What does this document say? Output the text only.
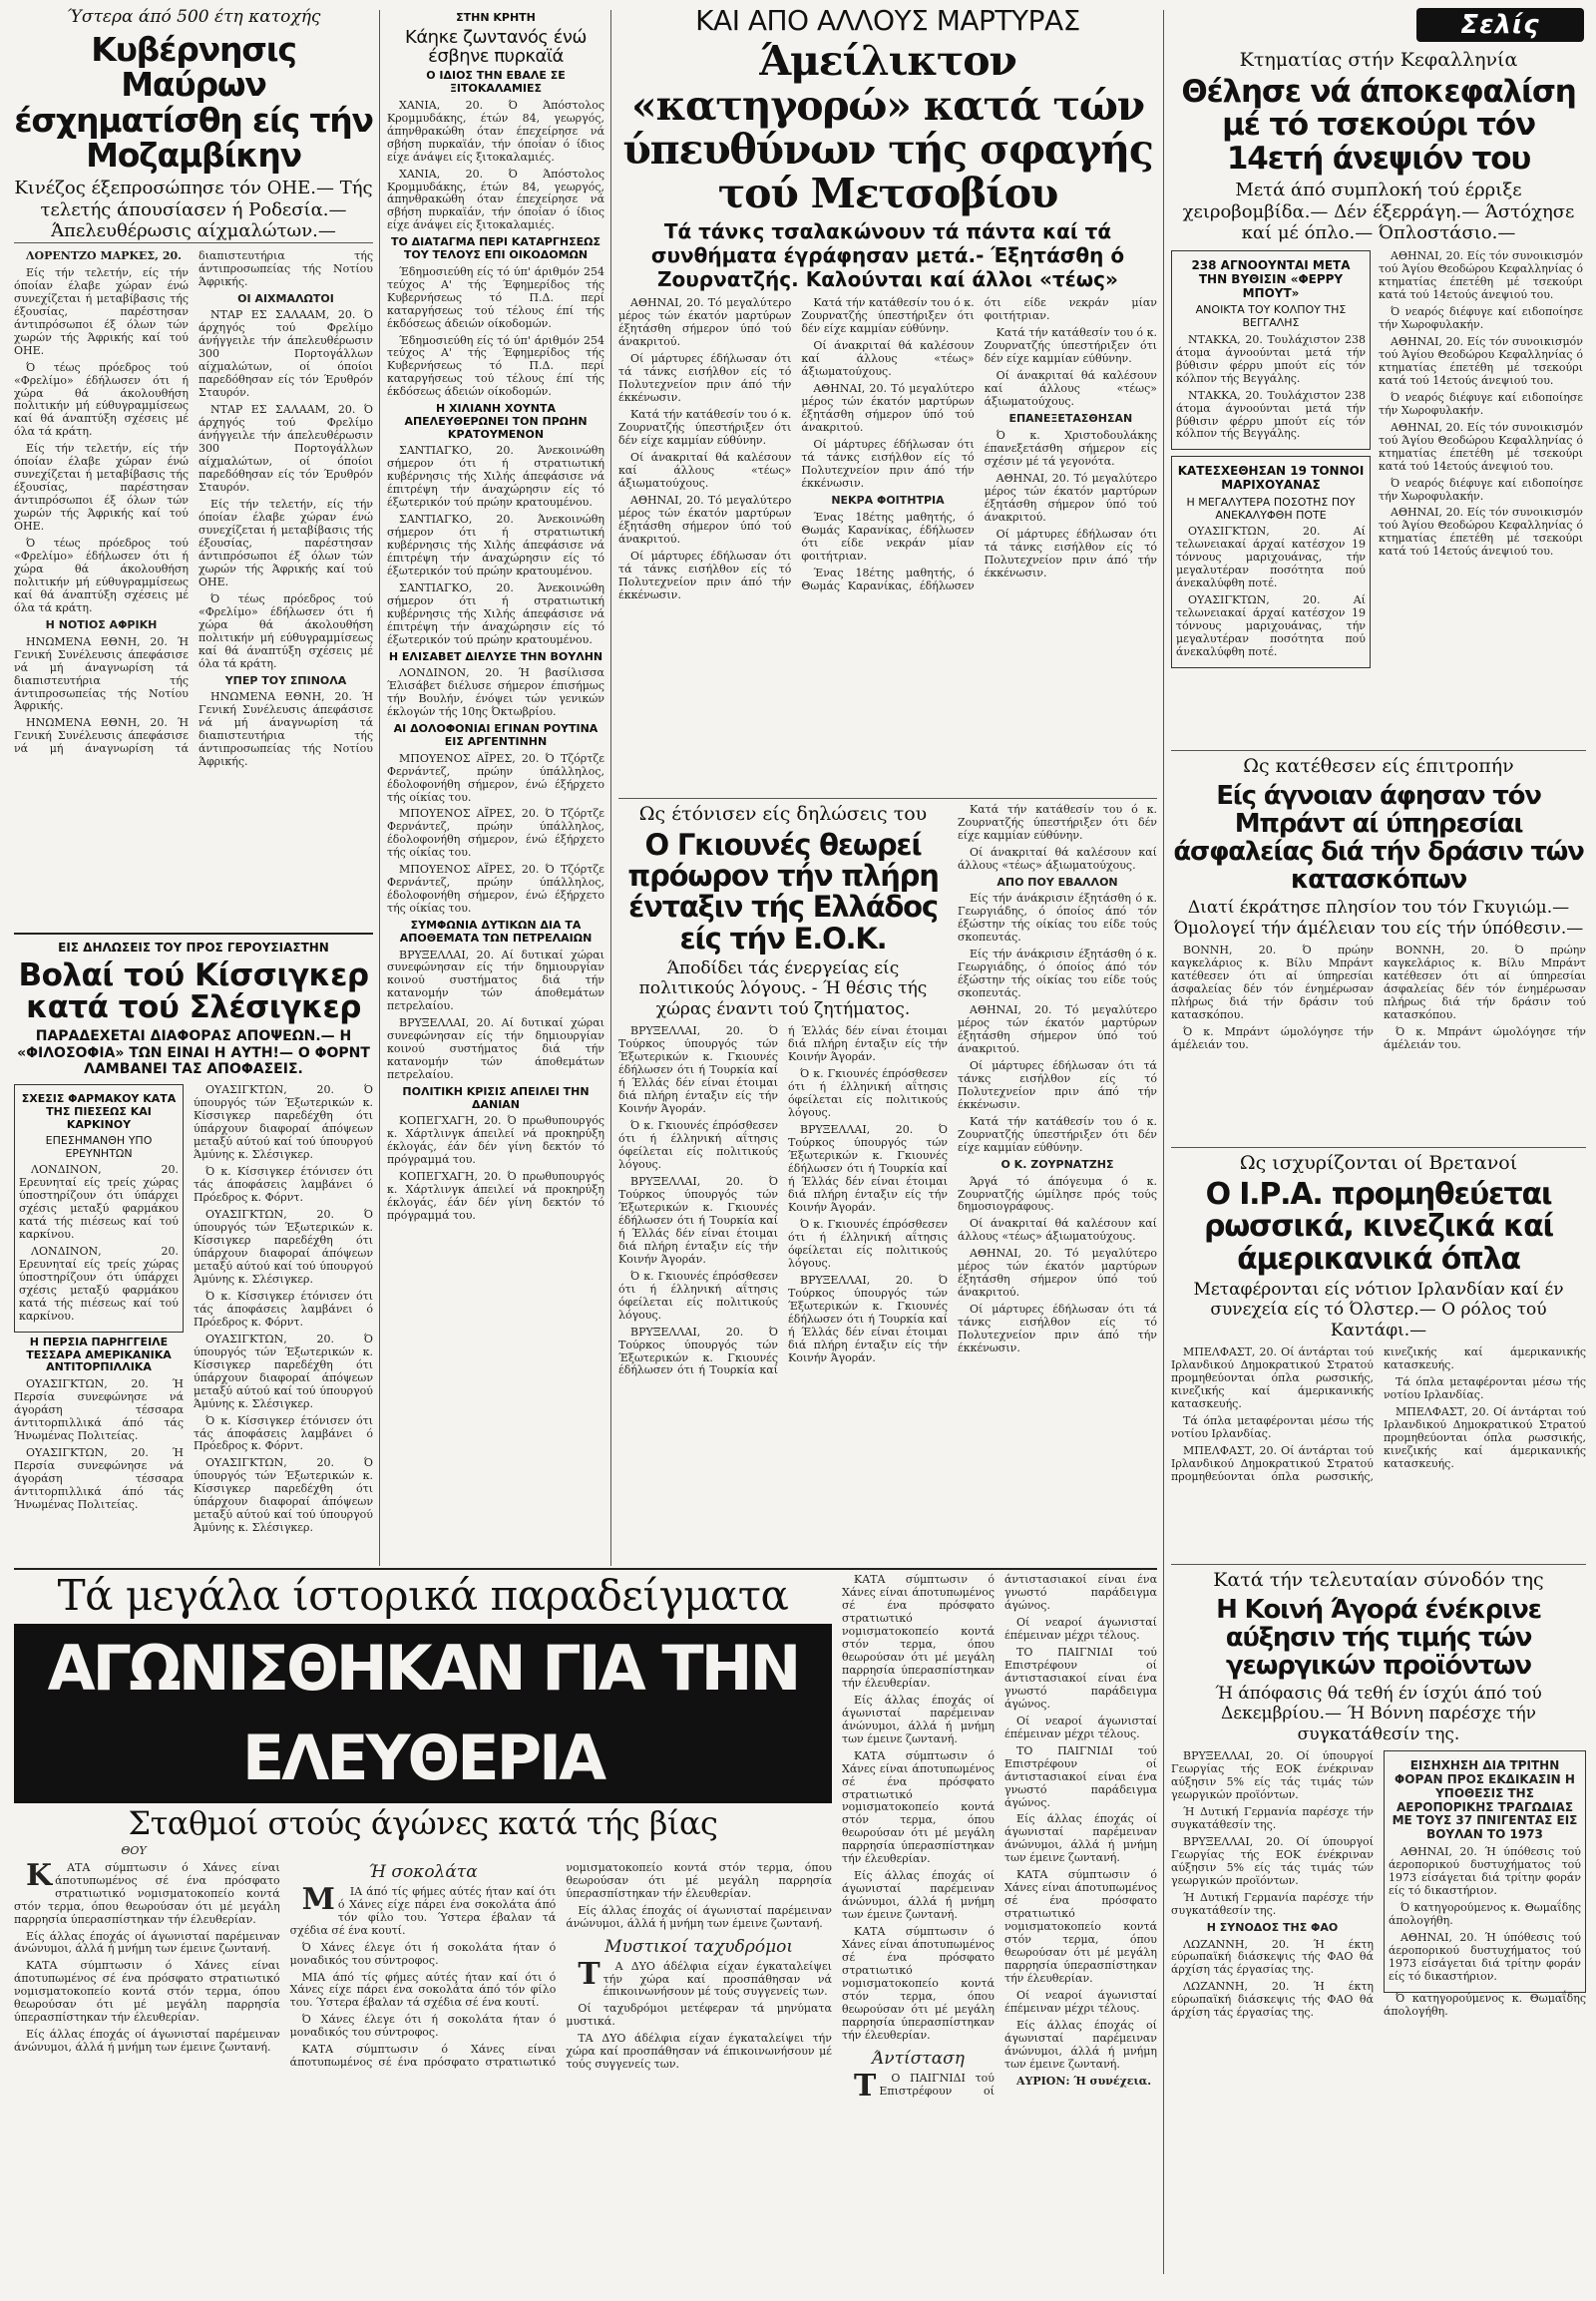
Ύστερα άπό 500 έτη κατοχής
Κυβέρνησις Μαύρων έσχηματίσθη είς τήν Μοζαμβίκην
Κινέζος έξεπροσώπησε τόν ΟΗΕ.— Τής τελετής άπουσίασεν ή Ροδεσία.—Άπελευθέρωσις αίχμαλώτων.—

ΛΟΡΕΝΤΖΟ ΜΑΡΚΕΣ, 20.

Είς τήν τελετήν, είς τήν όποίαν έλαβε χώραν ένώ συνεχίζεται ή μεταβίβασις τής έξουσίας, παρέστησαν άντιπρόσωποι έξ όλων τών χωρών τής Άφρικής καί τού ΟΗΕ.

Ό τέως πρόεδρος τού «Φρελίμο» έδήλωσεν ότι ή χώρα θά άκολουθήση πολιτικήν μή εύθυγραμμίσεως καί θά άναπτύξη σχέσεις μέ όλα τά κράτη.

Είς τήν τελετήν, είς τήν όποίαν έλαβε χώραν ένώ συνεχίζεται ή μεταβίβασις τής έξουσίας, παρέστησαν άντιπρόσωποι έξ όλων τών χωρών τής Άφρικής καί τού ΟΗΕ.

Ό τέως πρόεδρος τού «Φρελίμο» έδήλωσεν ότι ή χώρα θά άκολουθήση πολιτικήν μή εύθυγραμμίσεως καί θά άναπτύξη σχέσεις μέ όλα τά κράτη.

Η ΝΟΤΙΟΣ ΑΦΡΙΚΗ

ΗΝΩΜΕΝΑ ΕΘΝΗ, 20. Ή Γενική Συνέλευσις άπεφάσισε νά μή άναγνωρίση τά διαπιστευτήρια τής άντιπροσωπείας τής Νοτίου Άφρικής.

ΗΝΩΜΕΝΑ ΕΘΝΗ, 20. Ή Γενική Συνέλευσις άπεφάσισε νά μή άναγνωρίση τά διαπιστευτήρια τής άντιπροσωπείας τής Νοτίου Άφρικής.

ΟΙ ΑΙΧΜΑΛΩΤΟΙ

ΝΤΑΡ ΕΣ ΣΑΛΑΑΜ, 20. Ό άρχηγός τού Φρελίμο άνήγγειλε τήν άπελευθέρωσιν 300 Πορτογάλλων αίχμαλώτων, οί όποίοι παρεδόθησαν είς τόν Έρυθρόν Σταυρόν.

ΝΤΑΡ ΕΣ ΣΑΛΑΑΜ, 20. Ό άρχηγός τού Φρελίμο άνήγγειλε τήν άπελευθέρωσιν 300 Πορτογάλλων αίχμαλώτων, οί όποίοι παρεδόθησαν είς τόν Έρυθρόν Σταυρόν.

Είς τήν τελετήν, είς τήν όποίαν έλαβε χώραν ένώ συνεχίζεται ή μεταβίβασις τής έξουσίας, παρέστησαν άντιπρόσωποι έξ όλων τών χωρών τής Άφρικής καί τού ΟΗΕ.

Ό τέως πρόεδρος τού «Φρελίμο» έδήλωσεν ότι ή χώρα θά άκολουθήση πολιτικήν μή εύθυγραμμίσεως καί θά άναπτύξη σχέσεις μέ όλα τά κράτη.

ΥΠΕΡ ΤΟΥ ΣΠΙΝΟΛΑ

ΗΝΩΜΕΝΑ ΕΘΝΗ, 20. Ή Γενική Συνέλευσις άπεφάσισε νά μή άναγνωρίση τά διαπιστευτήρια τής άντιπροσωπείας τής Νοτίου Άφρικής.

ΕΙΣ ΔΗΛΩΣΕΙΣ ΤΟΥ ΠΡΟΣ ΓΕΡΟΥΣΙΑΣΤΗΝ
Βολαί τού Κίσσιγκερ κατά τού Σλέσιγκερ
ΠΑΡΑΔΕΧΕΤΑΙ ΔΙΑΦΟΡΑΣ ΑΠΟΨΕΩΝ.— Η «ΦΙΛΟΣΟΦΙΑ» ΤΩΝ ΕΙΝΑΙ Η ΑΥΤΗ!— Ο ΦΟΡΝΤ ΛΑΜΒΑΝΕΙ ΤΑΣ ΑΠΟΦΑΣΕΙΣ.
ΣΧΕΣΙΣ ΦΑΡΜΑΚΟΥ ΚΑΤΑ ΤΗΣ ΠΙΕΣΕΩΣ ΚΑΙ ΚΑΡΚΙΝΟΥ
ΕΠΕΣΗΜΑΝΘΗ ΥΠΟ ΕΡΕΥΝΗΤΩΝ

ΛΟΝΔΙΝΟΝ, 20. Ερευνηταί είς τρείς χώρας ύποστηρίζουν ότι ύπάρχει σχέσις μεταξύ φαρμάκου κατά τής πιέσεως καί τού καρκίνου.

ΛΟΝΔΙΝΟΝ, 20. Ερευνηταί είς τρείς χώρας ύποστηρίζουν ότι ύπάρχει σχέσις μεταξύ φαρμάκου κατά τής πιέσεως καί τού καρκίνου.

Η ΠΕΡΣΙΑ ΠΑΡΗΓΓΕΙΛΕ ΤΕΣΣΑΡΑ ΑΜΕΡΙΚΑΝΙΚΑ ΑΝΤΙΤΟΡΠΙΛΛΙΚΑ

ΟΥΑΣΙΓΚΤΩΝ, 20. Ή Περσία συνεφώνησε νά άγοράση τέσσαρα άντιτορπιλλικά άπό τάς Ήνωμένας Πολιτείας.

ΟΥΑΣΙΓΚΤΩΝ, 20. Ή Περσία συνεφώνησε νά άγοράση τέσσαρα άντιτορπιλλικά άπό τάς Ήνωμένας Πολιτείας.

ΟΥΑΣΙΓΚΤΩΝ, 20. Ό ύπουργός τών Έξωτερικών κ. Κίσσιγκερ παρεδέχθη ότι ύπάρχουν διαφοραί άπόψεων μεταξύ αύτού καί τού ύπουργού Άμύνης κ. Σλέσιγκερ.

Ό κ. Κίσσιγκερ έτόνισεν ότι τάς άποφάσεις λαμβάνει ό Πρόεδρος κ. Φόρντ.

ΟΥΑΣΙΓΚΤΩΝ, 20. Ό ύπουργός τών Έξωτερικών κ. Κίσσιγκερ παρεδέχθη ότι ύπάρχουν διαφοραί άπόψεων μεταξύ αύτού καί τού ύπουργού Άμύνης κ. Σλέσιγκερ.

Ό κ. Κίσσιγκερ έτόνισεν ότι τάς άποφάσεις λαμβάνει ό Πρόεδρος κ. Φόρντ.

ΟΥΑΣΙΓΚΤΩΝ, 20. Ό ύπουργός τών Έξωτερικών κ. Κίσσιγκερ παρεδέχθη ότι ύπάρχουν διαφοραί άπόψεων μεταξύ αύτού καί τού ύπουργού Άμύνης κ. Σλέσιγκερ.

Ό κ. Κίσσιγκερ έτόνισεν ότι τάς άποφάσεις λαμβάνει ό Πρόεδρος κ. Φόρντ.

ΟΥΑΣΙΓΚΤΩΝ, 20. Ό ύπουργός τών Έξωτερικών κ. Κίσσιγκερ παρεδέχθη ότι ύπάρχουν διαφοραί άπόψεων μεταξύ αύτού καί τού ύπουργού Άμύνης κ. Σλέσιγκερ.

ΣΤΗΝ ΚΡΗΤΗ
Κάηκε ζωντανός ένώ έσβηνε πυρκαϊά
Ο ΙΔΙΟΣ ΤΗΝ ΕΒΑΛΕ ΣΕ ΞΙΤΟΚΑΛΑΜΙΕΣ

ΧΑΝΙΑ, 20. Ό Άπόστολος Κρομμυδάκης, έτών 84, γεωργός, άπηνθρακώθη όταν έπεχείρησε νά σβήση πυρκαϊάν, τήν όποίαν ό ίδιος είχε άνάψει είς ξιτοκαλαμιές.

ΧΑΝΙΑ, 20. Ό Άπόστολος Κρομμυδάκης, έτών 84, γεωργός, άπηνθρακώθη όταν έπεχείρησε νά σβήση πυρκαϊάν, τήν όποίαν ό ίδιος είχε άνάψει είς ξιτοκαλαμιές.

ΤΟ ΔΙΑΤΑΓΜΑ ΠΕΡΙ ΚΑΤΑΡΓΗΣΕΩΣ ΤΟΥ ΤΕΛΟΥΣ ΕΠΙ ΟΙΚΟΔΟΜΩΝ

Έδημοσιεύθη είς τό ύπ' άριθμόν 254 τεύχος Α' τής Έφημερίδος τής Κυβερνήσεως τό Π.Δ. περί καταργήσεως τού τέλους έπί τής έκδόσεως άδειών οίκοδομών.

Έδημοσιεύθη είς τό ύπ' άριθμόν 254 τεύχος Α' τής Έφημερίδος τής Κυβερνήσεως τό Π.Δ. περί καταργήσεως τού τέλους έπί τής έκδόσεως άδειών οίκοδομών.

Η ΧΙΛΙΑΝΗ ΧΟΥΝΤΑ ΑΠΕΛΕΥΘΕΡΩΝΕΙ ΤΟΝ ΠΡΩΗΝ ΚΡΑΤΟΥΜΕΝΟΝ

ΣΑΝΤΙΑΓΚΟ, 20. Άνεκοινώθη σήμερον ότι ή στρατιωτική κυβέρνησις τής Χιλής άπεφάσισε νά έπιτρέψη τήν άναχώρησιν είς τό έξωτερικόν τού πρώην κρατουμένου.

ΣΑΝΤΙΑΓΚΟ, 20. Άνεκοινώθη σήμερον ότι ή στρατιωτική κυβέρνησις τής Χιλής άπεφάσισε νά έπιτρέψη τήν άναχώρησιν είς τό έξωτερικόν τού πρώην κρατουμένου.

ΣΑΝΤΙΑΓΚΟ, 20. Άνεκοινώθη σήμερον ότι ή στρατιωτική κυβέρνησις τής Χιλής άπεφάσισε νά έπιτρέψη τήν άναχώρησιν είς τό έξωτερικόν τού πρώην κρατουμένου.

Η ΕΛΙΣΑΒΕΤ ΔΙΕΛΥΣΕ ΤΗΝ ΒΟΥΛΗΝ

ΛΟΝΔΙΝΟΝ, 20. Ή βασίλισσα Έλισάβετ διέλυσε σήμερον έπισήμως τήν Βουλήν, ένόψει τών γενικών έκλογών τής 10ης Όκτωβρίου.

ΑΙ ΔΟΛΟΦΟΝΙΑΙ ΕΓΙΝΑΝ ΡΟΥΤΙΝΑ ΕΙΣ ΑΡΓΕΝΤΙΝΗΝ

ΜΠΟΥΕΝΟΣ ΑΪΡΕΣ, 20. Ό Τζόρτζε Φερνάντεζ, πρώην ύπάλληλος, έδολοφονήθη σήμερον, ένώ έξήρχετο τής οίκίας του.

ΜΠΟΥΕΝΟΣ ΑΪΡΕΣ, 20. Ό Τζόρτζε Φερνάντεζ, πρώην ύπάλληλος, έδολοφονήθη σήμερον, ένώ έξήρχετο τής οίκίας του.

ΜΠΟΥΕΝΟΣ ΑΪΡΕΣ, 20. Ό Τζόρτζε Φερνάντεζ, πρώην ύπάλληλος, έδολοφονήθη σήμερον, ένώ έξήρχετο τής οίκίας του.

ΣΥΜΦΩΝΙΑ ΔΥΤΙΚΩΝ ΔΙΑ ΤΑ ΑΠΟΘΕΜΑΤΑ ΤΩΝ ΠΕΤΡΕΛΑΙΩΝ

ΒΡΥΞΕΛΛΑΙ, 20. Αί δυτικαί χώραι συνεφώνησαν είς τήν δημιουργίαν κοινού συστήματος διά τήν κατανομήν τών άποθεμάτων πετρελαίου.

ΒΡΥΞΕΛΛΑΙ, 20. Αί δυτικαί χώραι συνεφώνησαν είς τήν δημιουργίαν κοινού συστήματος διά τήν κατανομήν τών άποθεμάτων πετρελαίου.

ΠΟΛΙΤΙΚΗ ΚΡΙΣΙΣ ΑΠΕΙΛΕΙ ΤΗΝ ΔΑΝΙΑΝ

ΚΟΠΕΓΧΑΓΗ, 20. Ό πρωθυπουργός κ. Χάρτλινγκ άπειλεί νά προκηρύξη έκλογάς, έάν δέν γίνη δεκτόν τό πρόγραμμά του.

ΚΟΠΕΓΧΑΓΗ, 20. Ό πρωθυπουργός κ. Χάρτλινγκ άπειλεί νά προκηρύξη έκλογάς, έάν δέν γίνη δεκτόν τό πρόγραμμά του.

ΚΑΙ ΑΠΟ ΑΛΛΟΥΣ ΜΑΡΤΥΡΑΣ
Άμείλικτον «κατηγορώ» κατά τών ύπευθύνων τής σφαγής τού Μετσοβίου
Τά τάνκς τσαλακώνουν τά πάντα καί τά συνθήματα έγράφησαν μετά.- Έξητάσθη ό Ζουρνατζής. Καλούνται καί άλλοι «τέως»

ΑΘΗΝΑΙ, 20. Τό μεγαλύτερο μέρος τών έκατόν μαρτύρων έξητάσθη σήμερον ύπό τού άνακριτού.

Οί μάρτυρες έδήλωσαν ότι τά τάνκς εισήλθον είς τό Πολυτεχνείον πριν άπό τήν έκκένωσιν.

Κατά τήν κατάθεσίν του ό κ. Ζουρνατζής ύπεστήριξεν ότι δέν είχε καμμίαν εύθύνην.

Οί άνακριταί θά καλέσουν καί άλλους «τέως» άξιωματούχους.

ΑΘΗΝΑΙ, 20. Τό μεγαλύτερο μέρος τών έκατόν μαρτύρων έξητάσθη σήμερον ύπό τού άνακριτού.

Οί μάρτυρες έδήλωσαν ότι τά τάνκς εισήλθον είς τό Πολυτεχνείον πριν άπό τήν έκκένωσιν.

Κατά τήν κατάθεσίν του ό κ. Ζουρνατζής ύπεστήριξεν ότι δέν είχε καμμίαν εύθύνην.

Οί άνακριταί θά καλέσουν καί άλλους «τέως» άξιωματούχους.

ΑΘΗΝΑΙ, 20. Τό μεγαλύτερο μέρος τών έκατόν μαρτύρων έξητάσθη σήμερον ύπό τού άνακριτού.

Οί μάρτυρες έδήλωσαν ότι τά τάνκς εισήλθον είς τό Πολυτεχνείον πριν άπό τήν έκκένωσιν.

ΝΕΚΡΑ ΦΟΙΤΗΤΡΙΑ

Ένας 18έτης μαθητής, ό Θωμάς Καρανίκας, έδήλωσεν ότι είδε νεκράν μίαν φοιτήτριαν.

Ένας 18έτης μαθητής, ό Θωμάς Καρανίκας, έδήλωσεν ότι είδε νεκράν μίαν φοιτήτριαν.

Κατά τήν κατάθεσίν του ό κ. Ζουρνατζής ύπεστήριξεν ότι δέν είχε καμμίαν εύθύνην.

Οί άνακριταί θά καλέσουν καί άλλους «τέως» άξιωματούχους.

ΕΠΑΝΕΞΕΤΑΣΘΗΣΑΝ

Ό κ. Χριστοδουλάκης έπανεξετάσθη σήμερον είς σχέσιν μέ τά γεγονότα.

ΑΘΗΝΑΙ, 20. Τό μεγαλύτερο μέρος τών έκατόν μαρτύρων έξητάσθη σήμερον ύπό τού άνακριτού.

Οί μάρτυρες έδήλωσαν ότι τά τάνκς εισήλθον είς τό Πολυτεχνείον πριν άπό τήν έκκένωσιν.

Ως έτόνισεν είς δηλώσεις του
Ο Γκιουνές θεωρεί πρόωρον τήν πλήρη ένταξιν τής Ελλάδος είς τήν Ε.Ο.Κ.
Άποδίδει τάς ένεργείας είς πολιτικούς λόγους. - Ή θέσις τής χώρας έναντι τού ζητήματος.

ΒΡΥΞΕΛΛΑΙ, 20. Ό Τούρκος ύπουργός τών Έξωτερικών κ. Γκιουνές έδήλωσεν ότι ή Τουρκία καί ή Έλλάς δέν είναι έτοιμαι διά πλήρη ένταξιν είς τήν Κοινήν Άγοράν.

Ό κ. Γκιουνές έπρόσθεσεν ότι ή έλληνική αΐτησις όφείλεται είς πολιτικούς λόγους.

ΒΡΥΞΕΛΛΑΙ, 20. Ό Τούρκος ύπουργός τών Έξωτερικών κ. Γκιουνές έδήλωσεν ότι ή Τουρκία καί ή Έλλάς δέν είναι έτοιμαι διά πλήρη ένταξιν είς τήν Κοινήν Άγοράν.

Ό κ. Γκιουνές έπρόσθεσεν ότι ή έλληνική αΐτησις όφείλεται είς πολιτικούς λόγους.

ΒΡΥΞΕΛΛΑΙ, 20. Ό Τούρκος ύπουργός τών Έξωτερικών κ. Γκιουνές έδήλωσεν ότι ή Τουρκία καί ή Έλλάς δέν είναι έτοιμαι διά πλήρη ένταξιν είς τήν Κοινήν Άγοράν.

Ό κ. Γκιουνές έπρόσθεσεν ότι ή έλληνική αΐτησις όφείλεται είς πολιτικούς λόγους.

ΒΡΥΞΕΛΛΑΙ, 20. Ό Τούρκος ύπουργός τών Έξωτερικών κ. Γκιουνές έδήλωσεν ότι ή Τουρκία καί ή Έλλάς δέν είναι έτοιμαι διά πλήρη ένταξιν είς τήν Κοινήν Άγοράν.

Ό κ. Γκιουνές έπρόσθεσεν ότι ή έλληνική αΐτησις όφείλεται είς πολιτικούς λόγους.

ΒΡΥΞΕΛΛΑΙ, 20. Ό Τούρκος ύπουργός τών Έξωτερικών κ. Γκιουνές έδήλωσεν ότι ή Τουρκία καί ή Έλλάς δέν είναι έτοιμαι διά πλήρη ένταξιν είς τήν Κοινήν Άγοράν.

Κατά τήν κατάθεσίν του ό κ. Ζουρνατζής ύπεστήριξεν ότι δέν είχε καμμίαν εύθύνην.

Οί άνακριταί θά καλέσουν καί άλλους «τέως» άξιωματούχους.

ΑΠΟ ΠΟΥ ΕΒΑΛΛΟΝ

Είς τήν άνάκρισιν έξητάσθη ό κ. Γεωργιάδης, ό όποίος άπό τόν έξώστην τής οίκίας του είδε τούς σκοπευτάς.

Είς τήν άνάκρισιν έξητάσθη ό κ. Γεωργιάδης, ό όποίος άπό τόν έξώστην τής οίκίας του είδε τούς σκοπευτάς.

ΑΘΗΝΑΙ, 20. Τό μεγαλύτερο μέρος τών έκατόν μαρτύρων έξητάσθη σήμερον ύπό τού άνακριτού.

Οί μάρτυρες έδήλωσαν ότι τά τάνκς εισήλθον είς τό Πολυτεχνείον πριν άπό τήν έκκένωσιν.

Κατά τήν κατάθεσίν του ό κ. Ζουρνατζής ύπεστήριξεν ότι δέν είχε καμμίαν εύθύνην.

Ο Κ. ΖΟΥΡΝΑΤΖΗΣ

Άργά τό άπόγευμα ό κ. Ζουρνατζής ώμίλησε πρός τούς δημοσιογράφους.

Οί άνακριταί θά καλέσουν καί άλλους «τέως» άξιωματούχους.

ΑΘΗΝΑΙ, 20. Τό μεγαλύτερο μέρος τών έκατόν μαρτύρων έξητάσθη σήμερον ύπό τού άνακριτού.

Οί μάρτυρες έδήλωσαν ότι τά τάνκς εισήλθον είς τό Πολυτεχνείον πριν άπό τήν έκκένωσιν.

Σελίς
Κτηματίας στήν Κεφαλληνία
Θέλησε νά άποκεφαλίση μέ τό τσεκούρι τόν 14ετή άνεψιόν του
Μετά άπό συμπλοκή τού έρριξε χειροβομβίδα.— Δέν έξερράγη.— Άστόχησε καί μέ όπλο.— Όπλοστάσιο.—
238 ΑΓΝΟΟΥΝΤΑΙ ΜΕΤΑ ΤΗΝ ΒΥΘΙΣΙΝ «ΦΕΡΡΥ ΜΠΟΥΤ»
ΑΝΟΙΚΤΑ ΤΟΥ ΚΟΛΠΟΥ ΤΗΣ ΒΕΓΓΑΛΗΣ

ΝΤΑΚΚΑ, 20. Τουλάχιστον 238 άτομα άγνοούνται μετά τήν βύθισιν φέρρυ μπούτ είς τόν κόλπον τής Βεγγάλης.

ΝΤΑΚΚΑ, 20. Τουλάχιστον 238 άτομα άγνοούνται μετά τήν βύθισιν φέρρυ μπούτ είς τόν κόλπον τής Βεγγάλης.

ΚΑΤΕΣΧΕΘΗΣΑΝ 19 ΤΟΝΝΟΙ ΜΑΡΙΧΟΥΑΝΑΣ
Η ΜΕΓΑΛΥΤΕΡΑ ΠΟΣΟΤΗΣ ΠΟΥ ΑΝΕΚΑΛΥΦΘΗ ΠΟΤΕ

ΟΥΑΣΙΓΚΤΩΝ, 20. Αί τελωνειακαί άρχαί κατέσχον 19 τόννους μαριχουάνας, τήν μεγαλυτέραν ποσότητα πού άνεκαλύφθη ποτέ.

ΟΥΑΣΙΓΚΤΩΝ, 20. Αί τελωνειακαί άρχαί κατέσχον 19 τόννους μαριχουάνας, τήν μεγαλυτέραν ποσότητα πού άνεκαλύφθη ποτέ.

ΑΘΗΝΑΙ, 20. Είς τόν συνοικισμόν τού Άγίου Θεοδώρου Κεφαλληνίας ό κτηματίας έπετέθη μέ τσεκούρι κατά τού 14ετούς άνεψιού του.

Ό νεαρός διέφυγε καί ειδοποίησε τήν Χωροφυλακήν.

ΑΘΗΝΑΙ, 20. Είς τόν συνοικισμόν τού Άγίου Θεοδώρου Κεφαλληνίας ό κτηματίας έπετέθη μέ τσεκούρι κατά τού 14ετούς άνεψιού του.

Ό νεαρός διέφυγε καί ειδοποίησε τήν Χωροφυλακήν.

ΑΘΗΝΑΙ, 20. Είς τόν συνοικισμόν τού Άγίου Θεοδώρου Κεφαλληνίας ό κτηματίας έπετέθη μέ τσεκούρι κατά τού 14ετούς άνεψιού του.

Ό νεαρός διέφυγε καί ειδοποίησε τήν Χωροφυλακήν.

ΑΘΗΝΑΙ, 20. Είς τόν συνοικισμόν τού Άγίου Θεοδώρου Κεφαλληνίας ό κτηματίας έπετέθη μέ τσεκούρι κατά τού 14ετούς άνεψιού του.

Ως κατέθεσεν είς έπιτροπήν
Είς άγνοιαν άφησαν τόν Μπράντ αί ύπηρεσίαι άσφαλείας διά τήν δράσιν τών κατασκόπων
Διατί έκράτησε πλησίον του τόν Γκυγιώμ.— Όμολογεί τήν άμέλειαν του είς τήν ύπόθεσιν.—

ΒΟΝΝΗ, 20. Ό πρώην καγκελάριος κ. Βίλυ Μπράντ κατέθεσεν ότι αί ύπηρεσίαι άσφαλείας δέν τόν ένημέρωσαν πλήρως διά τήν δράσιν τού κατασκόπου.

Ό κ. Μπράντ ώμολόγησε τήν άμέλειάν του.

ΒΟΝΝΗ, 20. Ό πρώην καγκελάριος κ. Βίλυ Μπράντ κατέθεσεν ότι αί ύπηρεσίαι άσφαλείας δέν τόν ένημέρωσαν πλήρως διά τήν δράσιν τού κατασκόπου.

Ό κ. Μπράντ ώμολόγησε τήν άμέλειάν του.

Ως ισχυρίζονται οί Βρετανοί
Ο Ι.Ρ.Α. προμηθεύεται ρωσσικά, κινεζικά καί άμερικανικά όπλα
Μεταφέρονται είς νότιον Ιρλανδίαν καί έν συνεχεία είς τό Όλστερ.— Ο ρόλος τού Καντάφι.—

ΜΠΕΛΦΑΣΤ, 20. Οί άντάρται τού Ιρλανδικού Δημοκρατικού Στρατού προμηθεύονται όπλα ρωσσικής, κινεζικής καί άμερικανικής κατασκευής.

Τά όπλα μεταφέρονται μέσω τής νοτίου Ιρλανδίας.

ΜΠΕΛΦΑΣΤ, 20. Οί άντάρται τού Ιρλανδικού Δημοκρατικού Στρατού προμηθεύονται όπλα ρωσσικής, κινεζικής καί άμερικανικής κατασκευής.

Τά όπλα μεταφέρονται μέσω τής νοτίου Ιρλανδίας.

ΜΠΕΛΦΑΣΤ, 20. Οί άντάρται τού Ιρλανδικού Δημοκρατικού Στρατού προμηθεύονται όπλα ρωσσικής, κινεζικής καί άμερικανικής κατασκευής.

Κατά τήν τελευταίαν σύνοδόν της
Η Κοινή Άγορά ένέκρινε αύξησιν τής τιμής τών γεωργικών προϊόντων
Ή άπόφασις θά τεθή έν ίσχύι άπό τού Δεκεμβρίου.— Ή Βόννη παρέσχε τήν συγκατάθεσίν της.

ΒΡΥΞΕΛΛΑΙ, 20. Οί ύπουργοί Γεωργίας τής ΕΟΚ ένέκριναν αύξησιν 5% είς τάς τιμάς τών γεωργικών προϊόντων.

Ή Δυτική Γερμανία παρέσχε τήν συγκατάθεσίν της.

ΒΡΥΞΕΛΛΑΙ, 20. Οί ύπουργοί Γεωργίας τής ΕΟΚ ένέκριναν αύξησιν 5% είς τάς τιμάς τών γεωργικών προϊόντων.

Ή Δυτική Γερμανία παρέσχε τήν συγκατάθεσίν της.

Η ΣΥΝΟΔΟΣ ΤΗΣ ΦΑΟ

ΛΩΖΑΝΝΗ, 20. Ή έκτη εύρωπαϊκή διάσκεψις τής ΦΑΟ θά άρχίση τάς έργασίας της.

ΛΩΖΑΝΝΗ, 20. Ή έκτη εύρωπαϊκή διάσκεψις τής ΦΑΟ θά άρχίση τάς έργασίας της.

ΕΙΣΗΧΗΣΗ ΔΙΑ ΤΡΙΤΗΝ ΦΟΡΑΝ ΠΡΟΣ ΕΚΔΙΚΑΣΙΝ Η ΥΠΟΘΕΣΙΣ ΤΗΣ ΑΕΡΟΠΟΡΙΚΗΣ ΤΡΑΓΩΔΙΑΣ ΜΕ ΤΟΥΣ 37 ΠΝΙΓΕΝΤΑΣ ΕΙΣ ΒΟΥΛΑΝ ΤΟ 1973

ΑΘΗΝΑΙ, 20. Ή ύπόθεσις τού άεροπορικού δυστυχήματος τού 1973 είσάγεται διά τρίτην φοράν είς τό δικαστήριον.

Ό κατηγορούμενος κ. Θωμαΐδης άπολογήθη.

ΑΘΗΝΑΙ, 20. Ή ύπόθεσις τού άεροπορικού δυστυχήματος τού 1973 είσάγεται διά τρίτην φοράν είς τό δικαστήριον.

Ό κατηγορούμενος κ. Θωμαΐδης άπολογήθη.

Τά μεγάλα ίστορικά παραδείγματα
ΑΓΩΝΙΣΘΗΚΑΝ ΓΙΑ ΤΗΝ ΕΛΕΥΘΕΡΙΑ
Σταθμοί στούς άγώνες κατά τής βίας
ΘΟΥ

ΚΑΤΑ σύμπτωσιν ό Χάνες είναι άποτυπωμένος σέ ένα πρόσφατο στρατιωτικό νομισματοκοπείο κοντά στόν τερμα, όπου θεωρούσαν ότι μέ μεγάλη παρρησία ύπερασπίστηκαν τήν έλευθερίαν.

Είς άλλας έποχάς οί άγωνισταί παρέμειναν άνώνυμοι, άλλά ή μνήμη των έμεινε ζωντανή.

ΚΑΤΑ σύμπτωσιν ό Χάνες είναι άποτυπωμένος σέ ένα πρόσφατο στρατιωτικό νομισματοκοπείο κοντά στόν τερμα, όπου θεωρούσαν ότι μέ μεγάλη παρρησία ύπερασπίστηκαν τήν έλευθερίαν.

Είς άλλας έποχάς οί άγωνισταί παρέμειναν άνώνυμοι, άλλά ή μνήμη των έμεινε ζωντανή.

Ή σοκολάτα

ΜΙΑ άπό τίς φήμες αύτές ήταν καί ότι ό Χάνες είχε πάρει ένα σοκολάτα άπό τόν φίλο του. Ύστερα έβαλαν τά σχέδια σέ ένα κουτί.

Ό Χάνες έλεγε ότι ή σοκολάτα ήταν ό μοναδικός του σύντροφος.

ΜΙΑ άπό τίς φήμες αύτές ήταν καί ότι ό Χάνες είχε πάρει ένα σοκολάτα άπό τόν φίλο του. Ύστερα έβαλαν τά σχέδια σέ ένα κουτί.

Ό Χάνες έλεγε ότι ή σοκολάτα ήταν ό μοναδικός του σύντροφος.

ΚΑΤΑ σύμπτωσιν ό Χάνες είναι άποτυπωμένος σέ ένα πρόσφατο στρατιωτικό νομισματοκοπείο κοντά στόν τερμα, όπου θεωρούσαν ότι μέ μεγάλη παρρησία ύπερασπίστηκαν τήν έλευθερίαν.

Είς άλλας έποχάς οί άγωνισταί παρέμειναν άνώνυμοι, άλλά ή μνήμη των έμεινε ζωντανή.

Μυστικοί ταχυδρόμοι

ΤΑ ΔΥΟ άδέλφια είχαν έγκαταλείψει τήν χώρα καί προσπάθησαν νά έπικοινωνήσουν μέ τούς συγγενείς των.

Οί ταχυδρόμοι μετέφεραν τά μηνύματα μυστικά.

ΤΑ ΔΥΟ άδέλφια είχαν έγκαταλείψει τήν χώρα καί προσπάθησαν νά έπικοινωνήσουν μέ τούς συγγενείς των.

ΚΑΤΑ σύμπτωσιν ό Χάνες είναι άποτυπωμένος σέ ένα πρόσφατο στρατιωτικό νομισματοκοπείο κοντά στόν τερμα, όπου θεωρούσαν ότι μέ μεγάλη παρρησία ύπερασπίστηκαν τήν έλευθερίαν.

Είς άλλας έποχάς οί άγωνισταί παρέμειναν άνώνυμοι, άλλά ή μνήμη των έμεινε ζωντανή.

ΚΑΤΑ σύμπτωσιν ό Χάνες είναι άποτυπωμένος σέ ένα πρόσφατο στρατιωτικό νομισματοκοπείο κοντά στόν τερμα, όπου θεωρούσαν ότι μέ μεγάλη παρρησία ύπερασπίστηκαν τήν έλευθερίαν.

Είς άλλας έποχάς οί άγωνισταί παρέμειναν άνώνυμοι, άλλά ή μνήμη των έμεινε ζωντανή.

ΚΑΤΑ σύμπτωσιν ό Χάνες είναι άποτυπωμένος σέ ένα πρόσφατο στρατιωτικό νομισματοκοπείο κοντά στόν τερμα, όπου θεωρούσαν ότι μέ μεγάλη παρρησία ύπερασπίστηκαν τήν έλευθερίαν.

Άντίσταση

ΤΟ ΠΑΙΓΝΙΔΙ τού Επιστρέφουν οί άντιστασιακοί είναι ένα γνωστό παράδειγμα άγώνος.

Οί νεαροί άγωνισταί έπέμειναν μέχρι τέλους.

ΤΟ ΠΑΙΓΝΙΔΙ τού Επιστρέφουν οί άντιστασιακοί είναι ένα γνωστό παράδειγμα άγώνος.

Οί νεαροί άγωνισταί έπέμειναν μέχρι τέλους.

ΤΟ ΠΑΙΓΝΙΔΙ τού Επιστρέφουν οί άντιστασιακοί είναι ένα γνωστό παράδειγμα άγώνος.

Είς άλλας έποχάς οί άγωνισταί παρέμειναν άνώνυμοι, άλλά ή μνήμη των έμεινε ζωντανή.

ΚΑΤΑ σύμπτωσιν ό Χάνες είναι άποτυπωμένος σέ ένα πρόσφατο στρατιωτικό νομισματοκοπείο κοντά στόν τερμα, όπου θεωρούσαν ότι μέ μεγάλη παρρησία ύπερασπίστηκαν τήν έλευθερίαν.

Οί νεαροί άγωνισταί έπέμειναν μέχρι τέλους.

Είς άλλας έποχάς οί άγωνισταί παρέμειναν άνώνυμοι, άλλά ή μνήμη των έμεινε ζωντανή.

ΑΥΡΙΟΝ: Ή συνέχεια.
